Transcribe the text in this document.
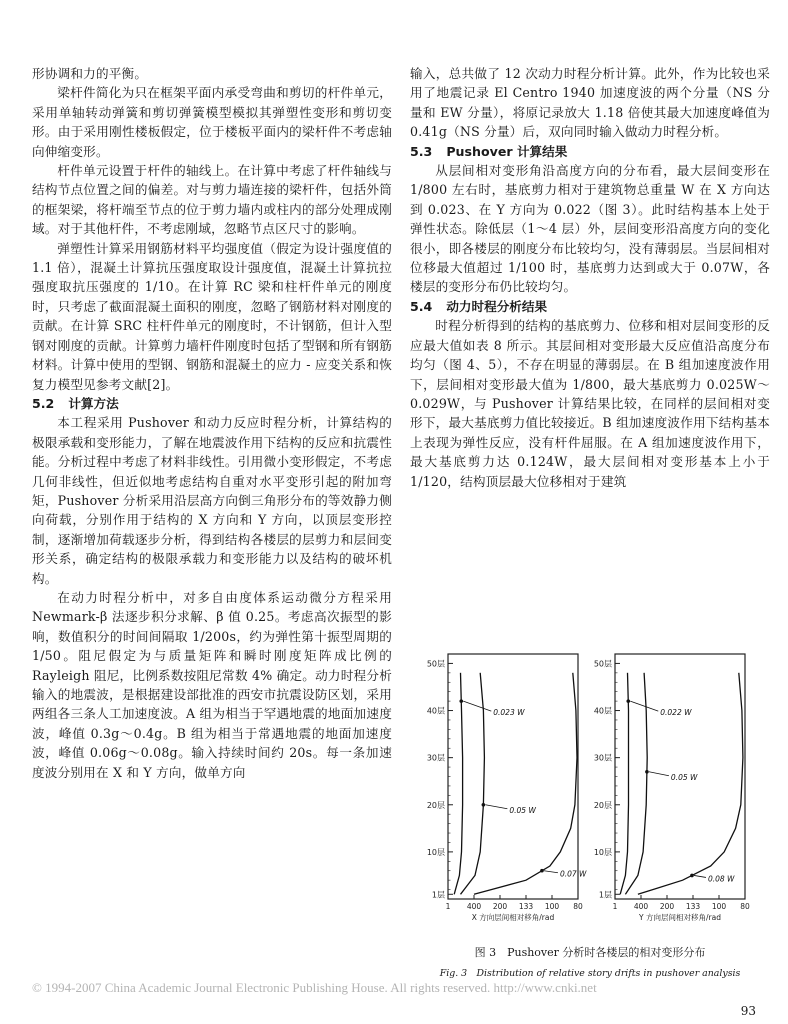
形协调和力的平衡。

梁杆件简化为只在框架平面内承受弯曲和剪切的杆件单元，采用单轴转动弹簧和剪切弹簧模型模拟其弹塑性变形和剪切变形。由于采用刚性楼板假定，位于楼板平面内的梁杆件不考虑轴向伸缩变形。

杆件单元设置于杆件的轴线上。在计算中考虑了杆件轴线与结构节点位置之间的偏差。对与剪力墙连接的梁杆件，包括外筒的框架梁，将杆端至节点的位于剪力墙内或柱内的部分处理成刚域。对于其他杆件，不考虑刚域，忽略节点区尺寸的影响。

弹塑性计算采用钢筋材料平均强度值（假定为设计强度值的 1.1 倍），混凝土计算抗压强度取设计强度值，混凝土计算抗拉强度取抗压强度的 1/10。在计算 RC 梁和柱杆件单元的刚度时，只考虑了截面混凝土面积的刚度，忽略了钢筋材料对刚度的贡献。在计算 SRC 柱杆件单元的刚度时，不计钢筋，但计入型钢对刚度的贡献。计算剪力墙杆件刚度时包括了型钢和所有钢筋材料。计算中使用的型钢、钢筋和混凝土的应力 - 应变关系和恢复力模型见参考文献[2]。

5.2 计算方法

本工程采用 Pushover 和动力反应时程分析，计算结构的极限承载和变形能力，了解在地震波作用下结构的反应和抗震性能。分析过程中考虑了材料非线性。引用微小变形假定，不考虑几何非线性，但近似地考虑结构自重对水平变形引起的附加弯矩，Pushover 分析采用沿层高方向倒三角形分布的等效静力侧向荷载，分别作用于结构的 X 方向和 Y 方向，以顶层变形控制，逐渐增加荷载逐步分析，得到结构各楼层的层剪力和层间变形关系，确定结构的极限承载力和变形能力以及结构的破坏机构。

在动力时程分析中，对多自由度体系运动微分方程采用 Newmark-β 法逐步积分求解、β 值 0.25。考虑高次振型的影响，数值积分的时间间隔取 1/200s，约为弹性第十振型周期的 1/50。阻尼假定为与质量矩阵和瞬时刚度矩阵成比例的 Rayleigh 阻尼，比例系数按阻尼常数 4% 确定。动力时程分析输入的地震波，是根据建设部批准的西安市抗震设防区划，采用两组各三条人工加速度波。A 组为相当于罕遇地震的地面加速度波，峰值 0.3g～0.4g。B 组为相当于常遇地震的地面加速度波，峰值 0.06g～0.08g。输入持续时间约 20s。每一条加速度波分别用在 X 和 Y 方向，做单方向

输入，总共做了 12 次动力时程分析计算。此外，作为比较也采用了地震记录 El Centro 1940 加速度波的两个分量（NS 分量和 EW 分量），将原记录放大 1.18 倍使其最大加速度峰值为 0.41g（NS 分量）后，双向同时输入做动力时程分析。

5.3 Pushover 计算结果

从层间相对变形角沿高度方向的分布看，最大层间变形在 1/800 左右时，基底剪力相对于建筑物总重量 W 在 X 方向达到 0.023、在 Y 方向为 0.022（图 3）。此时结构基本上处于弹性状态。除低层（1～4 层）外，层间变形沿高度方向的变化很小，即各楼层的刚度分布比较均匀，没有薄弱层。当层间相对位移最大值超过 1/100 时，基底剪力达到或大于 0.07W，各楼层的变形分布仍比较均匀。

5.4 动力时程分析结果

时程分析得到的结构的基底剪力、位移和相对层间变形的反应最大值如表 8 所示。其层间相对变形最大反应值沿高度分布均匀（图 4、5），不存在明显的薄弱层。在 B 组加速度波作用下，层间相对变形最大值为 1/800，最大基底剪力 0.025W～0.029W，与 Pushover 计算结果比较，在同样的层间相对变形下，最大基底剪力值比较接近。B 组加速度波作用下结构基本上表现为弹性反应，没有杆件屈服。在 A 组加速度波作用下，最大基底剪力达 0.124W，最大层间相对变形基本上小于 1/120，结构顶层最大位移相对于建筑

1层
10层
20层
30层
40层
50层
1 400 200 133 100 80
X 方向层间相对移角/rad
0.023 W
0.05 W
0.07 W
1层
10层
20层
30层
40层
50层
1 400 200 133 100 80
Y 方向层间相对移角/rad
0.022 W
0.05 W
0.08 W
图 3　Pushover 分析时各楼层的相对变形分布
Fig. 3　Distribution of relative story drifts in pushover analysis
© 1994-2007 China Academic Journal Electronic Publishing House. All rights reserved. http://www.cnki.net
93
